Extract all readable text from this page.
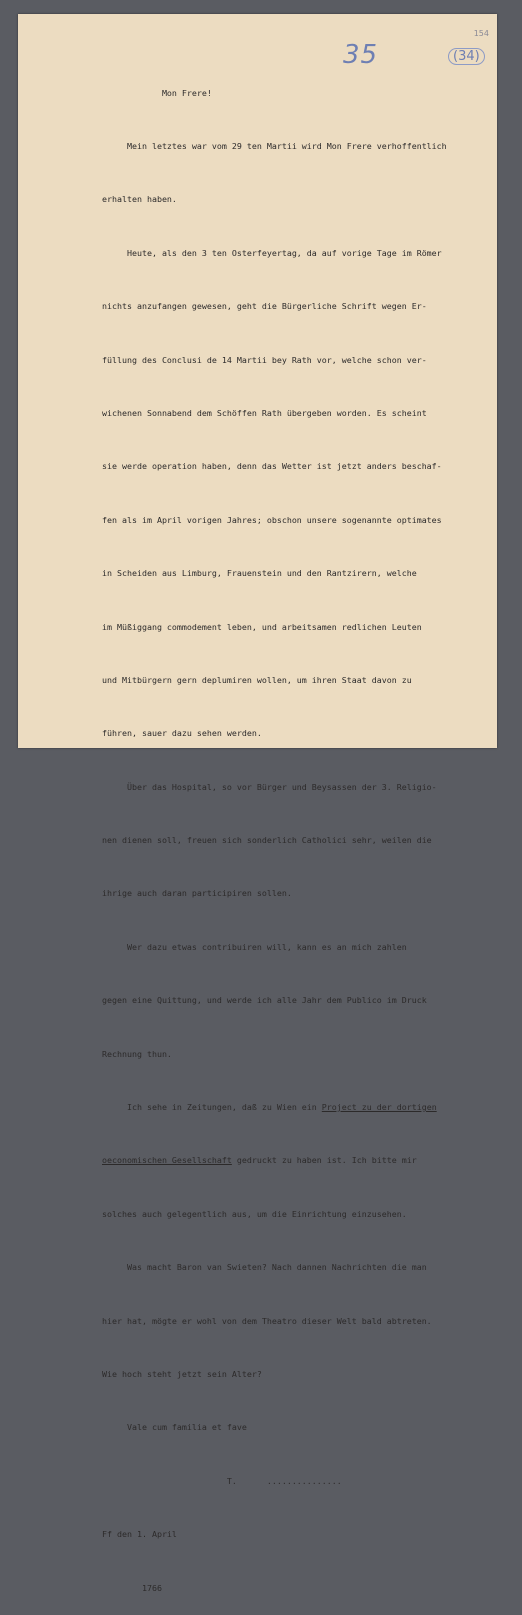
154
35	(34)

Mon Frere!

Mein letztes war vom 29 ten Martii wird Mon Frere verhoffentlich

erhalten haben.

Heute, als den 3 ten Osterfeyertag, da auf vorige Tage im Römer

nichts anzufangen gewesen, geht die Bürgerliche Schrift wegen Er-

füllung des Conclusi de 14 Martii bey Rath vor, welche schon ver-

wichenen Sonnabend dem Schöffen Rath übergeben worden. Es scheint

sie werde operation haben, denn das Wetter ist jetzt anders beschaf-

fen als im April vorigen Jahres; obschon unsere sogenannte optimates

in Scheiden aus Limburg, Frauenstein und den Rantzirern, welche

im Müßiggang commodement leben, und arbeitsamen redlichen Leuten

und Mitbürgern gern deplumiren wollen, um ihren Staat davon zu

führen, sauer dazu sehen werden.

Über das Hospital, so vor Bürger und Beysassen der 3. Religio-

nen dienen soll, freuen sich sonderlich Catholici sehr, weilen die

ihrige auch daran participiren sollen.

Wer dazu etwas contribuiren will, kann es an mich zahlen

gegen eine Quittung, und werde ich alle Jahr dem Publico im Druck

Rechnung thun.

Ich sehe in Zeitungen, daß zu Wien ein Project zu der dortigen

oeconomischen Gesellschaft gedruckt zu haben ist. Ich bitte mir

solches auch gelegentlich aus, um die Einrichtung einzusehen.

Was macht Baron van Swieten? Nach dannen Nachrichten die man

hier hat, mögte er wohl von dem Theatro dieser Welt bald abtreten.

Wie hoch steht jetzt sein Alter?

Vale cum familia et fave

T.      ...............

Ff den 1. April

1766
